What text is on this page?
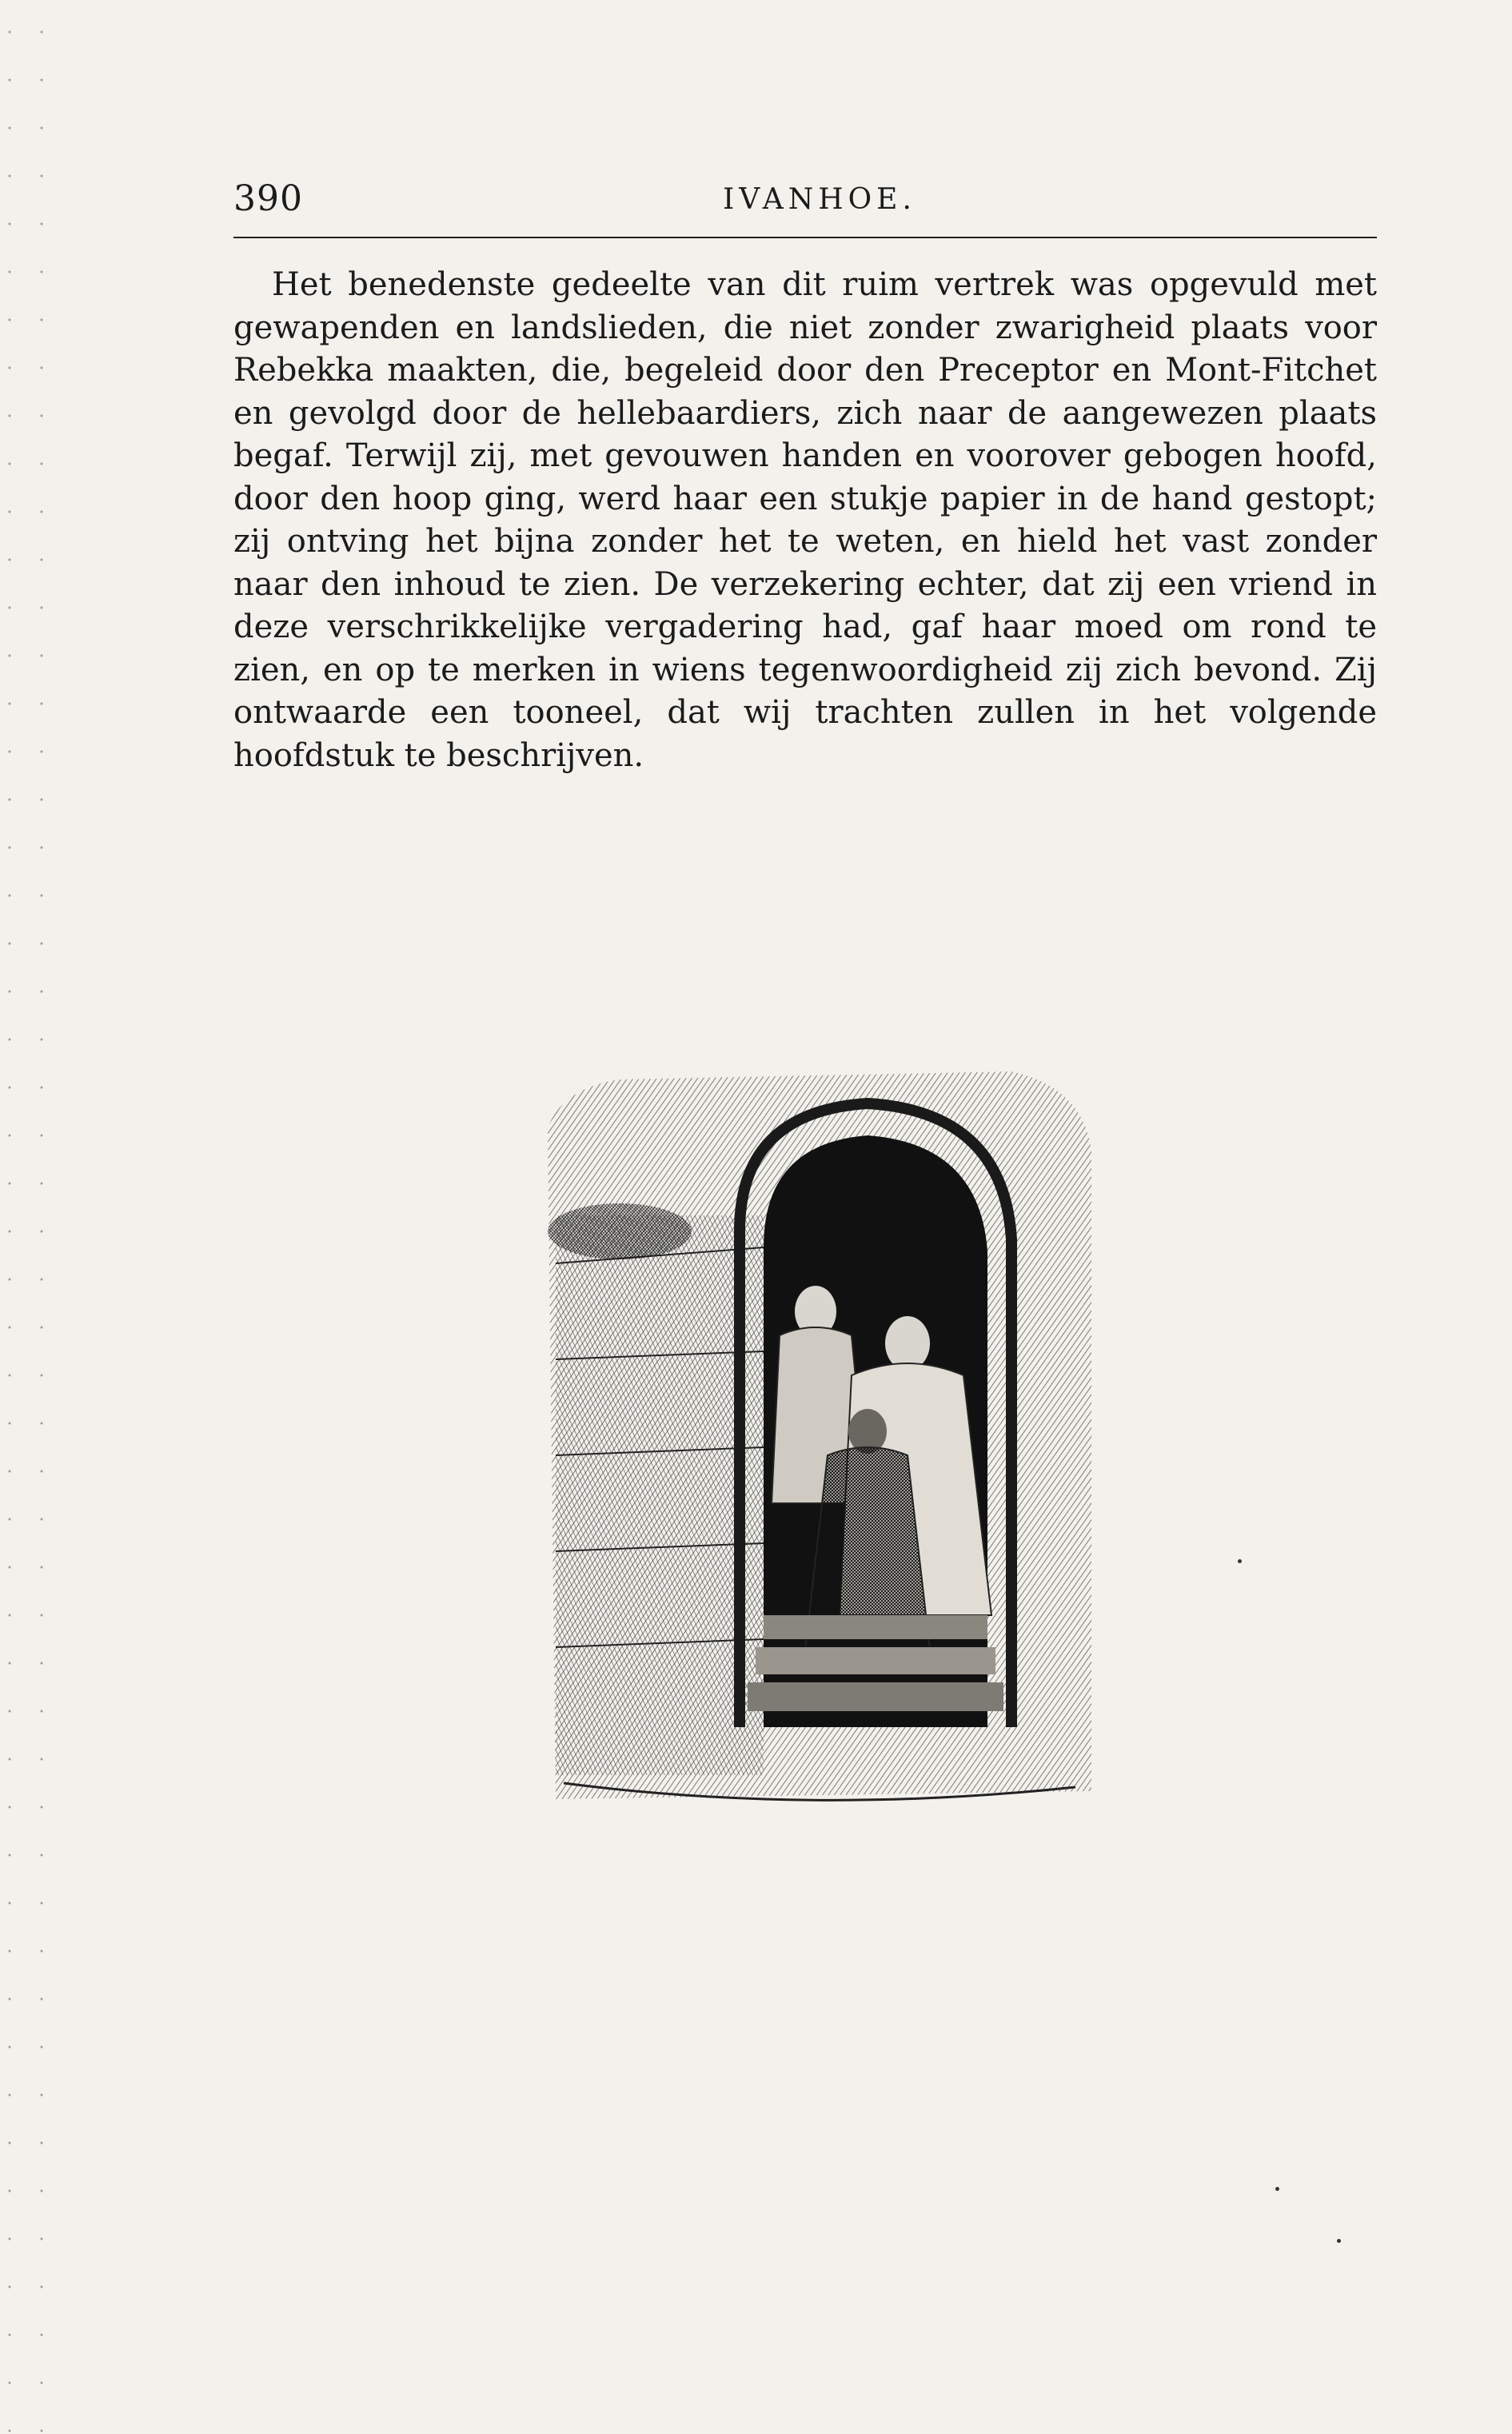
390	IVANHOE.

Het benedenste gedeelte van dit ruim vertrek was opgevuld met gewapenden en landslieden, die niet zonder zwarigheid plaats voor Rebekka maakten, die, begeleid door den Preceptor en Mont-Fitchet en gevolgd door de hellebaardiers, zich naar de aangewezen plaats begaf. Terwijl zij, met gevouwen handen en voorover gebogen hoofd, door den hoop ging, werd haar een stukje papier in de hand gestopt; zij ontving het bijna zonder het te weten, en hield het vast zonder naar den inhoud te zien. De verzekering echter, dat zij een vriend in deze verschrikkelijke vergadering had, gaf haar moed om rond te zien, en op te merken in wiens tegenwoordigheid zij zich bevond. Zij ontwaarde een tooneel, dat wij trachten zullen in het volgende hoofdstuk te beschrijven.
